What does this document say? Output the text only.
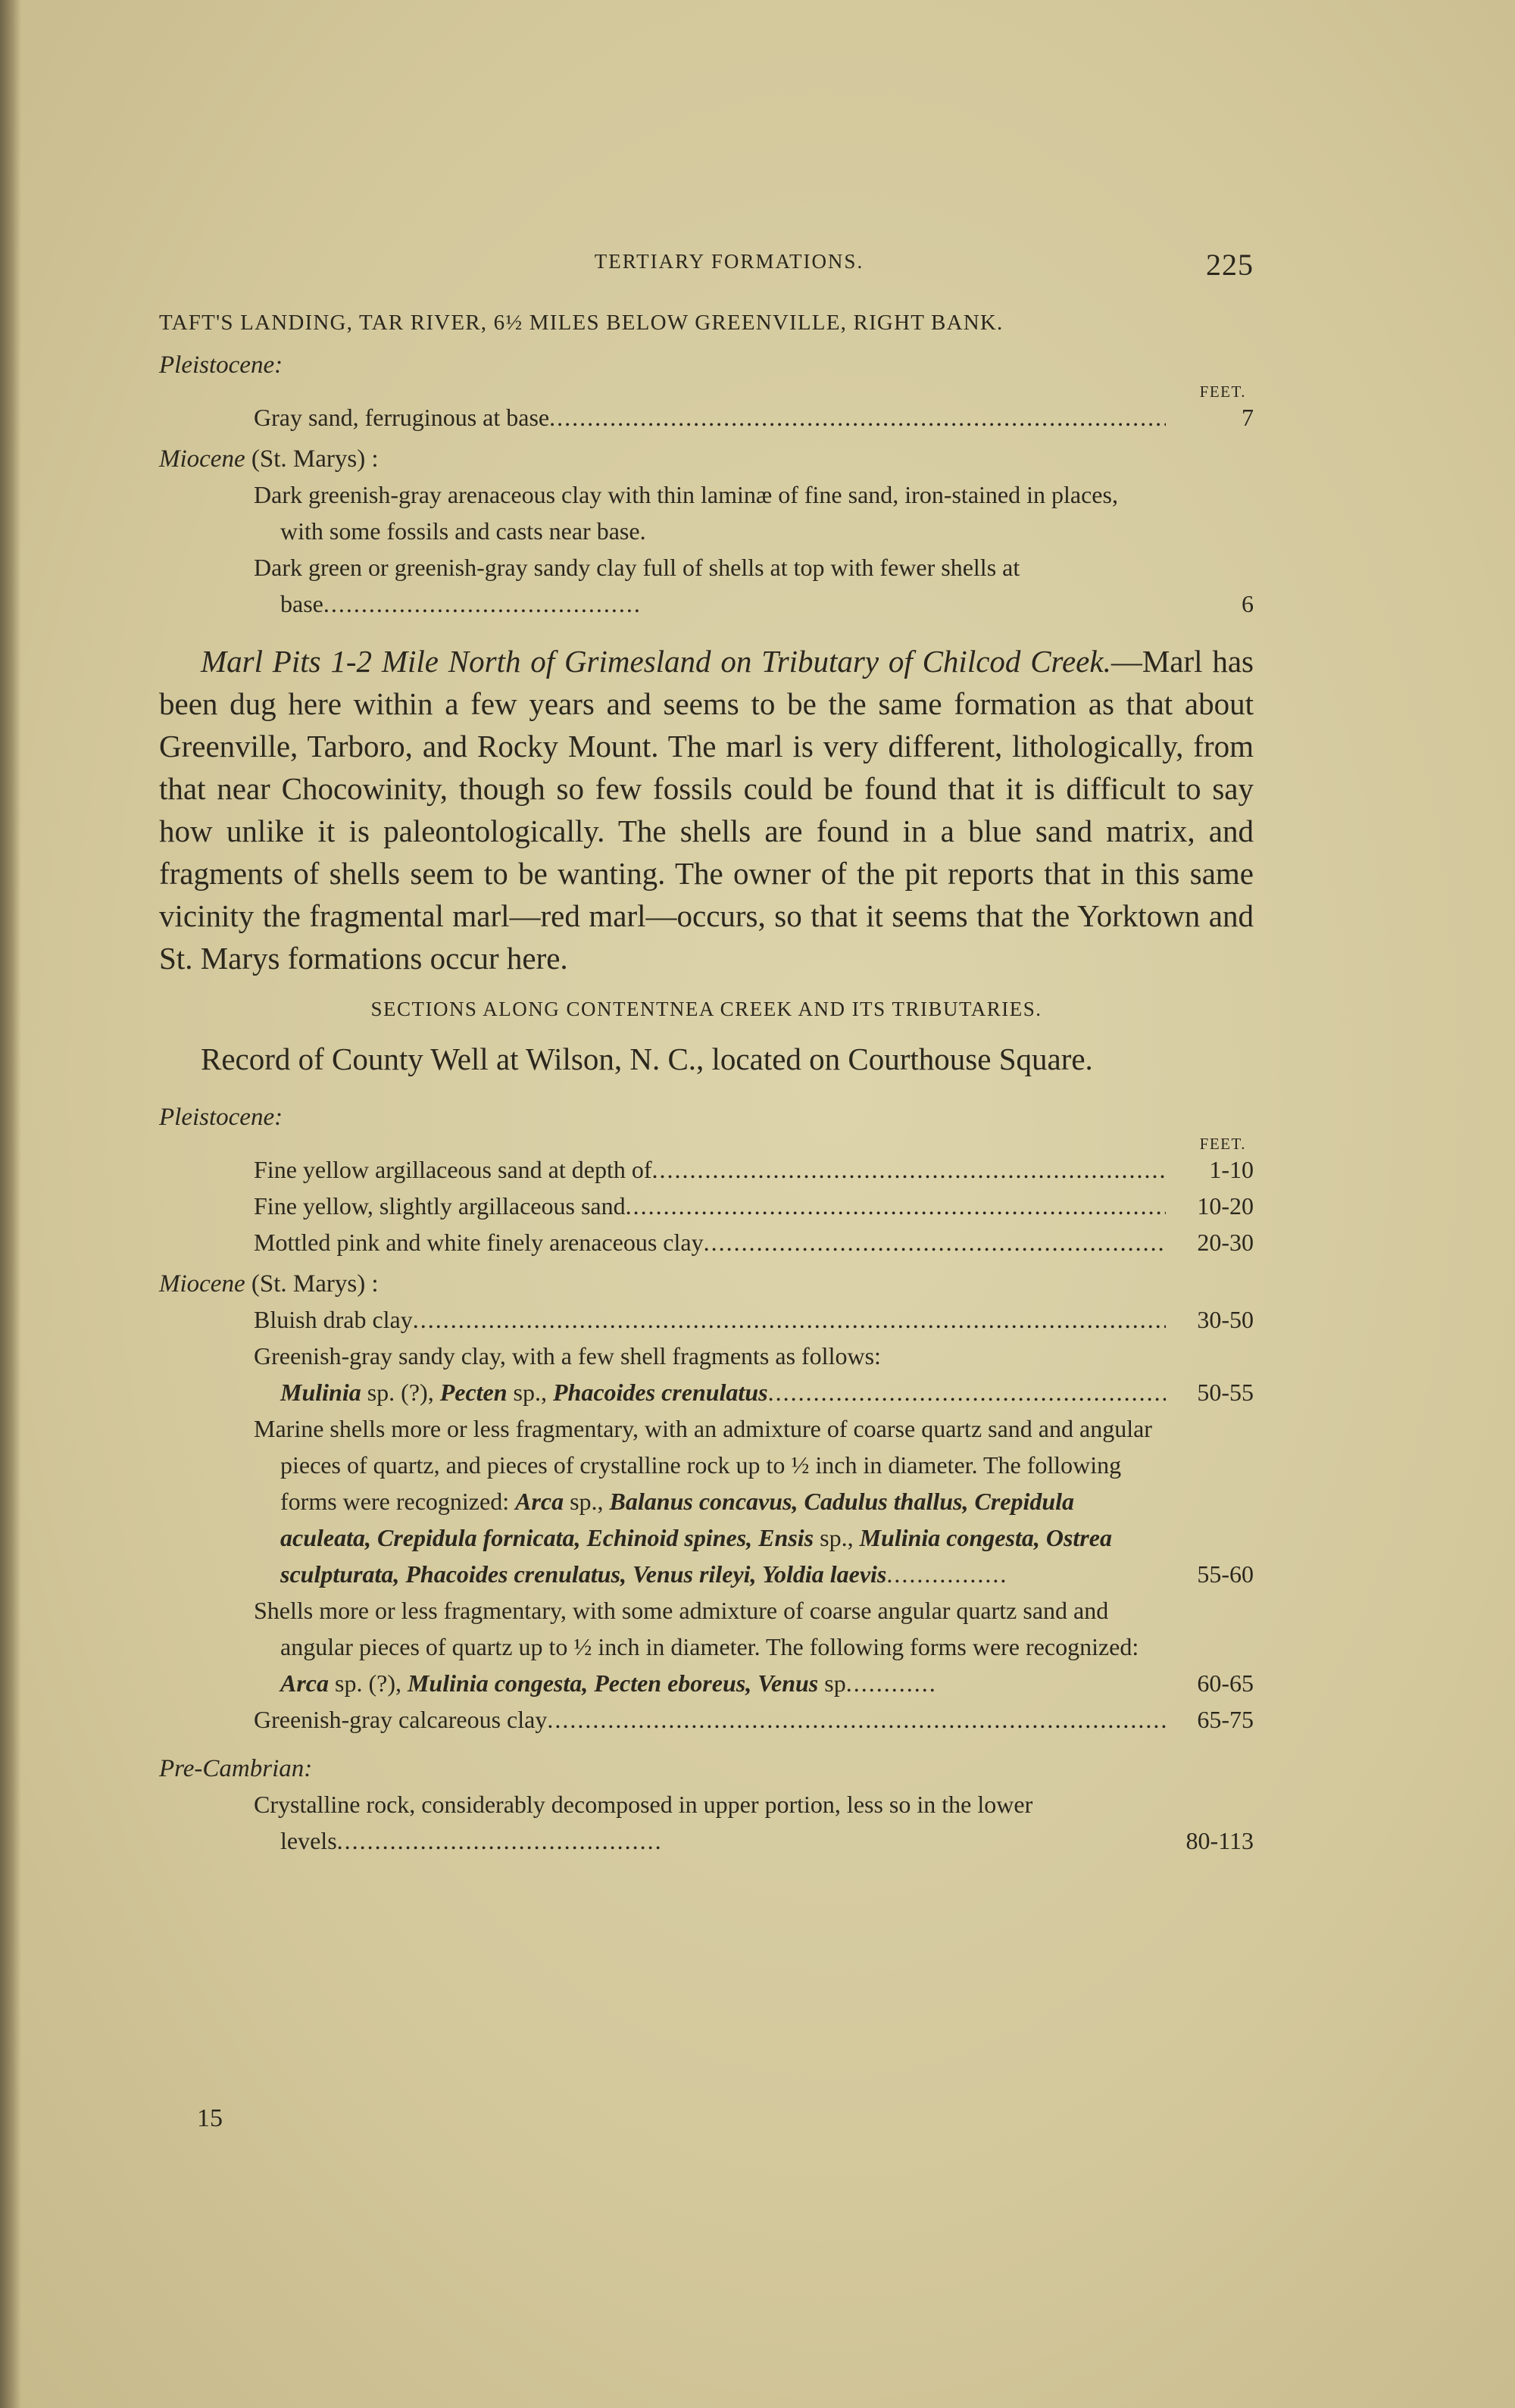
TERTIARY FORMATIONS.	225
TAFT'S LANDING, TAR RIVER, 6½ MILES BELOW GREENVILLE, RIGHT BANK.

Pleistocene:

FEET.
Gray sand, ferruginous at base .....	7

Miocene (St. Marys) :

Dark greenish-gray arenaceous clay with thin laminæ of fine sand, iron-stained in places, with some fossils and casts near base.
Dark green or greenish-gray sandy clay full of shells at top with fewer shells at base..........................................	6

Marl Pits 1-2 Mile North of Grimesland on Tributary of Chilcod Creek.—Marl has been dug here within a few years and seems to be the same formation as that about Greenville, Tarboro, and Rocky Mount. The marl is very different, lithologically, from that near Chocowinity, though so few fossils could be found that it is difficult to say how unlike it is paleontologically. The shells are found in a blue sand matrix, and fragments of shells seem to be wanting. The owner of the pit reports that in this same vicinity the fragmental marl—red marl—occurs, so that it seems that the Yorktown and St. Marys formations occur here.

SECTIONS ALONG CONTENTNEA CREEK AND ITS TRIBUTARIES.

Record of County Well at Wilson, N. C., located on Courthouse Square.

Pleistocene:

FEET.
Fine yellow argillaceous sand at depth of .....	1-10
Fine yellow, slightly argillaceous sand .....	10-20
Mottled pink and white finely arenaceous clay .....	20-30

Miocene (St. Marys) :

Bluish drab clay .....	30-50
Greenish-gray sandy clay, with a few shell fragments as follows:
Mulinia sp. (?), Pecten sp., Phacoides crenulatus .....	50-55
Marine shells more or less fragmentary, with an admixture of coarse quartz sand and angular pieces of quartz, and pieces of crystalline rock up to ½ inch in diameter. The following forms were recognized: Arca sp., Balanus concavus, Cadulus thallus, Crepidula aculeata, Crepidula fornicata, Echinoid spines, Ensis sp., Mulinia congesta, Ostrea sculpturata, Phacoides crenulatus, Venus rileyi, Yoldia laevis................	55-60
Shells more or less fragmentary, with some admixture of coarse angular quartz sand and angular pieces of quartz up to ½ inch in diameter. The following forms were recognized: Arca sp. (?), Mulinia congesta, Pecten eboreus, Venus sp............	60-65
Greenish-gray calcareous clay .....	65-75

Pre-Cambrian:

Crystalline rock, considerably decomposed in upper portion, less so in the lower levels...........................................	80-113
15
